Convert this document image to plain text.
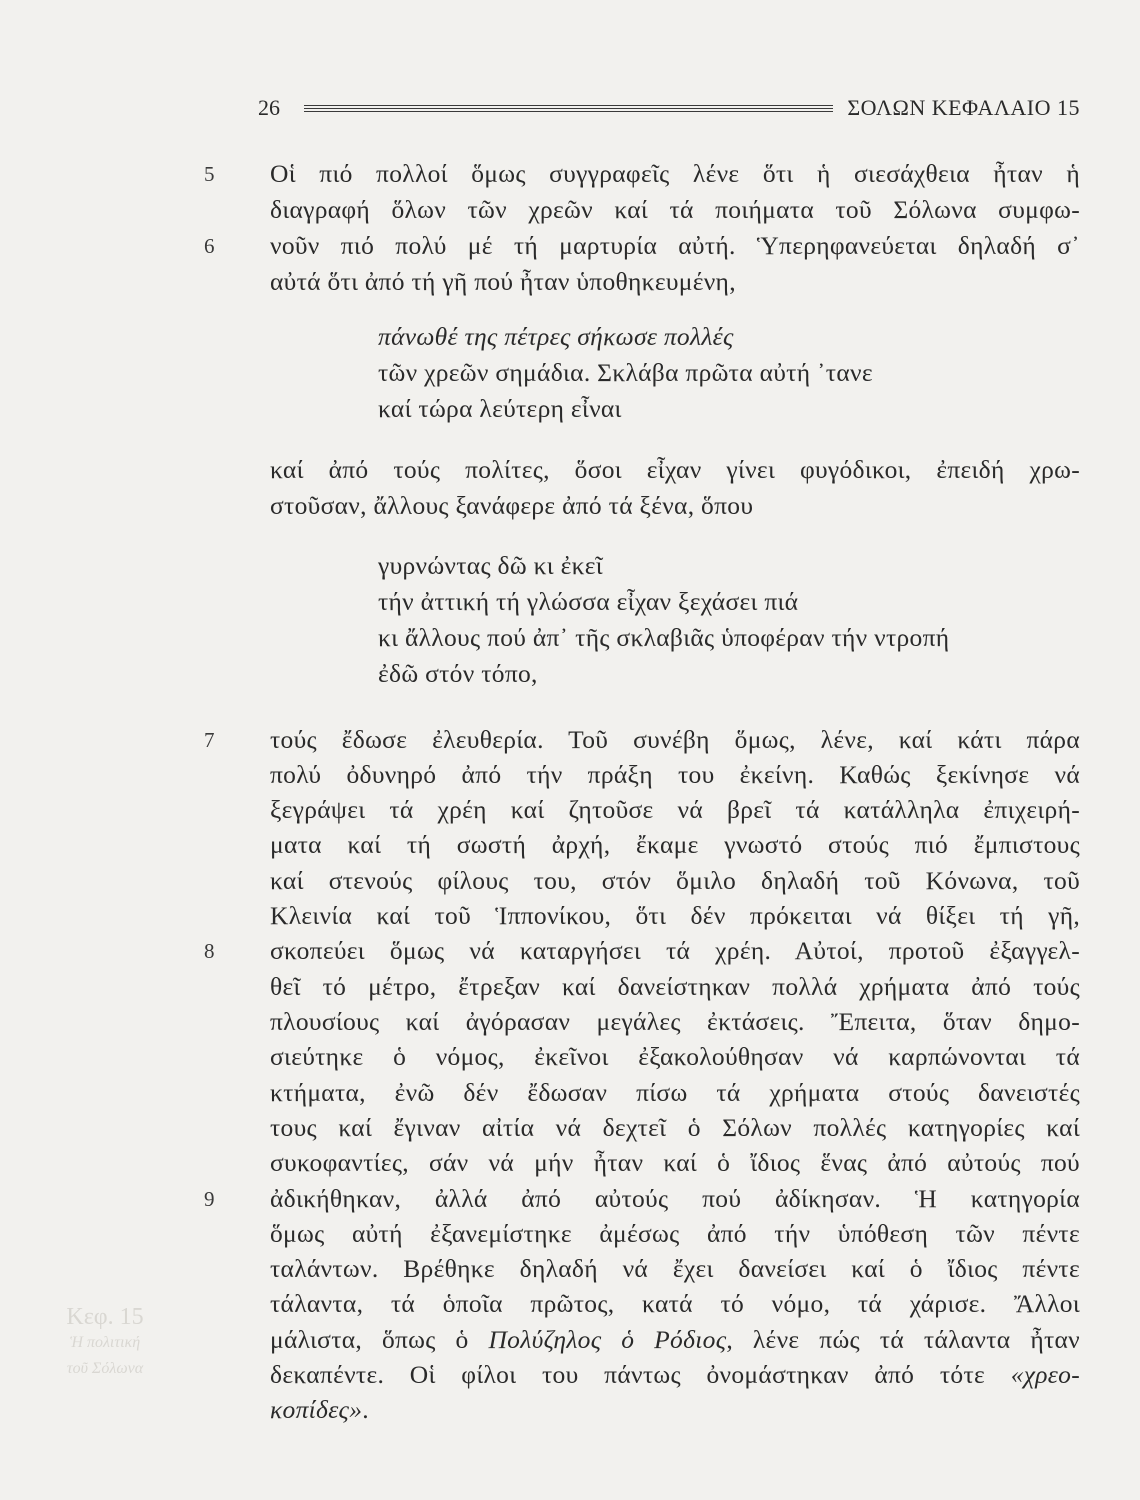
Κεφ. 15
Ἡ πολιτική
τοῦ Σόλωνα
26	ΣΟΛΩΝ ΚΕΦΑΛΑΙΟ 15
5
6
7
8
9
Οἱ πιό πολλοί ὅμως συγγραφεῖς λένε ὅτι ἡ σιεσάχθεια ἦταν ἡ
διαγραφή ὅλων τῶν χρεῶν καί τά ποιήματα τοῦ Σόλωνα συμφω-
νοῦν πιό πολύ μέ τή μαρτυρία αὐτή. Ὑπερηφανεύεται δηλαδή σ᾽
αὐτά ὅτι ἀπό τή γῆ πού ἦταν ὑποθηκευμένη,
πάνωθέ της πέτρες σήκωσε πολλές
τῶν χρεῶν σημάδια. Σκλάβα πρῶτα αὐτή ᾽τανε
καί τώρα λεύτερη εἶναι
καί ἀπό τούς πολίτες, ὅσοι εἶχαν γίνει φυγόδικοι, ἐπειδή χρω-
στοῦσαν, ἄλλους ξανάφερε ἀπό τά ξένα, ὅπου
γυρνώντας δῶ κι ἐκεῖ
τήν ἀττική τή γλώσσα εἶχαν ξεχάσει πιά
κι ἄλλους πού ἀπ᾽ τῆς σκλαβιᾶς ὑποφέραν τήν ντροπή
ἐδῶ στόν τόπο,
τούς ἔδωσε ἐλευθερία. Τοῦ συνέβη ὅμως, λένε, καί κάτι πάρα
πολύ ὀδυνηρό ἀπό τήν πράξη του ἐκείνη. Καθώς ξεκίνησε νά
ξεγράψει τά χρέη καί ζητοῦσε νά βρεῖ τά κατάλληλα ἐπιχειρή-
ματα καί τή σωστή ἀρχή, ἔκαμε γνωστό στούς πιό ἔμπιστους
καί στενούς φίλους του, στόν ὅμιλο δηλαδή τοῦ Κόνωνα, τοῦ
Κλεινία καί τοῦ Ἱππονίκου, ὅτι δέν πρόκειται νά θίξει τή γῆ,
σκοπεύει ὅμως νά καταργήσει τά χρέη. Αὐτοί, προτοῦ ἐξαγγελ-
θεῖ τό μέτρο, ἔτρεξαν καί δανείστηκαν πολλά χρήματα ἀπό τούς
πλουσίους καί ἀγόρασαν μεγάλες ἐκτάσεις. Ἔπειτα, ὅταν δημο-
σιεύτηκε ὁ νόμος, ἐκεῖνοι ἐξακολούθησαν νά καρπώνονται τά
κτήματα, ἐνῶ δέν ἔδωσαν πίσω τά χρήματα στούς δανειστές
τους καί ἔγιναν αἰτία νά δεχτεῖ ὁ Σόλων πολλές κατηγορίες καί
συκοφαντίες, σάν νά μήν ἦταν καί ὁ ἴδιος ἕνας ἀπό αὐτούς πού
ἀδικήθηκαν, ἀλλά ἀπό αὐτούς πού ἀδίκησαν. Ἡ κατηγορία
ὅμως αὐτή ἐξανεμίστηκε ἀμέσως ἀπό τήν ὑπόθεση τῶν πέντε
ταλάντων. Βρέθηκε δηλαδή νά ἔχει δανείσει καί ὁ ἴδιος πέντε
τάλαντα, τά ὁποῖα πρῶτος, κατά τό νόμο, τά χάρισε. Ἄλλοι
μάλιστα, ὅπως ὁ Πολύζηλος ὁ Ρόδιος, λένε πώς τά τάλαντα ἦταν
δεκαπέντε. Οἱ φίλοι του πάντως ὀνομάστηκαν ἀπό τότε «χρεο-
κοπίδες».
